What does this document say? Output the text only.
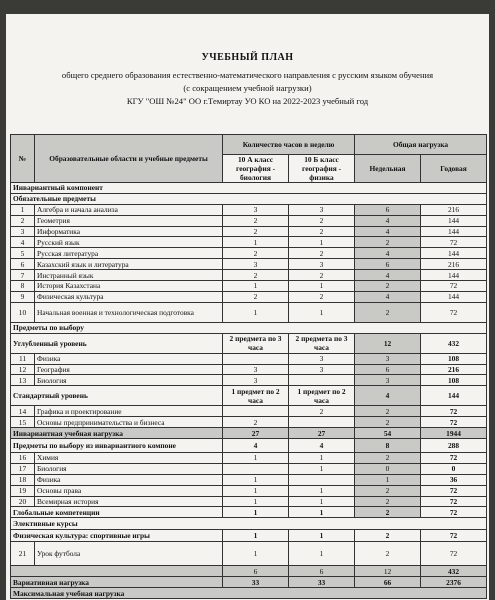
УЧЕБНЫЙ ПЛАН
общего среднего образования естественно-математического направления с русским языком обучения
(с сокращением учебной нагрузки)
КГУ "ОШ №24" ОО г.Темиртау УО КО на 2022-2023 учебный год
№	Образовательные области и учебные предметы	Количество часов в неделю		Общая нагрузка	
		10 А класс география - биология	10 Б класс география - физика	Недельная	Годовая
Инвариантный компонент					
Обязательные предметы					
1	Алгебра и начала анализа	3	3	6	216
2	Геометрия	2	2	4	144
3	Информатика	2	2	4	144
4	Русский язык	1	1	2	72
5	Русская литература	2	2	4	144
6	Казахский язык и литература	3	3	6	216
7	Инстранный язык	2	2	4	144
8	История Казахстана	1	1	2	72
9	Физическая культура	2	2	4	144
10	Начальная военная и технологическая подготовка	1	1	2	72
Предметы по выбору					
Углубленный уровень		2 предмета по 3 часа	2 предмета по 3 часа	12	432
11	Физика		3	3	108
12	География	3	3	6	216
13	Биология	3		3	108
Стандартный уровень		1 предмет по 2 часа	1 предмет по 2 часа	4	144
14	Графика и проектирование		2	2	72
15	Основы предпринимательства и бизнеса	2		2	72
Инвариантная учебная нагрузка		27	27	54	1944
Предметы по выбору из инвариантного компоне		4	4	8	288
16	Химия	1	1	2	72
17	Биология		1	0	0
18	Физика	1		1	36
19	Основы права	1	1	2	72
20	Всемирная история	1	1	2	72
Глобальные компетенции		1	1	2	72
Элективные курсы					
Физическая культура: спортивные игры		1	1	2	72
21	Урок футбола	1	1	2	72
		6	6	12	432
Вариативная нагрузка		33	33	66	2376
Максимальная учебная нагрузка					
